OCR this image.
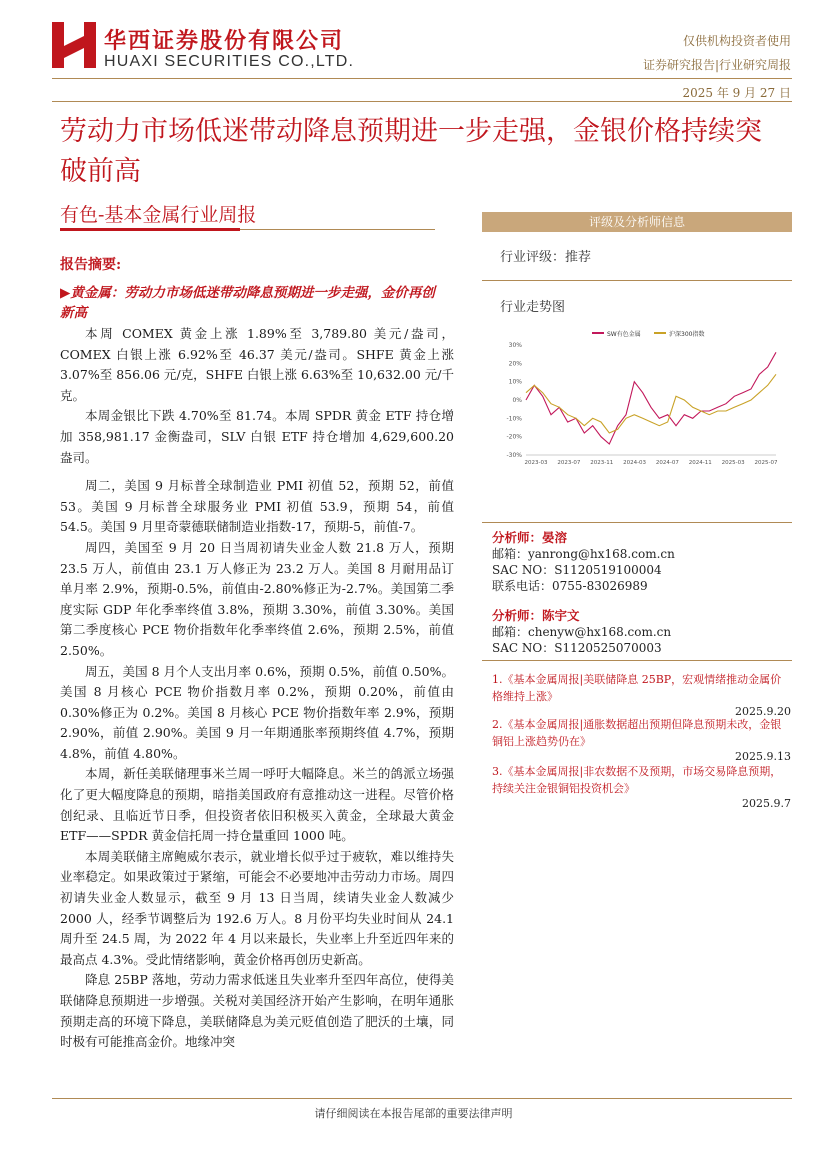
华西证券股份有限公司
HUAXI SECURITIES CO.,LTD.
仅供机构投资者使用
证券研究报告|行业研究周报
2025 年 9 月 27 日
劳动力市场低迷带动降息预期进一步走强，金银价格持续突破前高
有色-基本金属行业周报
报告摘要:
▶黄金属：劳动力市场低迷带动降息预期进一步走强，金价再创新高

本周 COMEX 黄金上涨 1.89%至 3,789.80 美元/盎司，COMEX 白银上涨 6.92%至 46.37 美元/盎司。SHFE 黄金上涨 3.07%至 856.06 元/克，SHFE 白银上涨 6.63%至 10,632.00 元/千克。

本周金银比下跌 4.70%至 81.74。本周 SPDR 黄金 ETF 持仓增加 358,981.17 金衡盎司，SLV 白银 ETF 持仓增加 4,629,600.20 盎司。

周二，美国 9 月标普全球制造业 PMI 初值 52，预期 52，前值 53。美国 9 月标普全球服务业 PMI 初值 53.9，预期 54，前值 54.5。美国 9 月里奇蒙德联储制造业指数-17，预期-5，前值-7。

周四，美国至 9 月 20 日当周初请失业金人数 21.8 万人，预期 23.5 万人，前值由 23.1 万人修正为 23.2 万人。美国 8 月耐用品订单月率 2.9%，预期-0.5%，前值由-2.80%修正为-2.7%。美国第二季度实际 GDP 年化季率终值 3.8%，预期 3.30%，前值 3.30%。美国第二季度核心 PCE 物价指数年化季率终值 2.6%，预期 2.5%，前值 2.50%。

周五，美国 8 月个人支出月率 0.6%，预期 0.5%，前值 0.50%。美国 8 月核心 PCE 物价指数月率 0.2%，预期 0.20%，前值由 0.30%修正为 0.2%。美国 8 月核心 PCE 物价指数年率 2.9%，预期 2.90%，前值 2.90%。美国 9 月一年期通胀率预期终值 4.7%，预期 4.8%，前值 4.80%。

本周，新任美联储理事米兰周一呼吁大幅降息。米兰的鸽派立场强化了更大幅度降息的预期，暗指美国政府有意推动这一进程。尽管价格创纪录、且临近节日季，但投资者依旧积极买入黄金，全球最大黄金 ETF——SPDR 黄金信托周一持仓量重回 1000 吨。

本周美联储主席鲍威尔表示，就业增长似乎过于疲软，难以维持失业率稳定。如果政策过于紧缩，可能会不必要地冲击劳动力市场。周四初请失业金人数显示，截至 9 月 13 日当周，续请失业金人数减少 2000 人，经季节调整后为 192.6 万人。8 月份平均失业时间从 24.1 周升至 24.5 周，为 2022 年 4 月以来最长，失业率上升至近四年来的最高点 4.3%。受此情绪影响，黄金价格再创历史新高。

降息 25BP 落地，劳动力需求低迷且失业率升至四年高位，使得美联储降息预期进一步增强。关税对美国经济开始产生影响，在明年通胀预期走高的环境下降息，美联储降息为美元贬值创造了肥沃的土壤，同时极有可能推高金价。地缘冲突

评级及分析师信息
行业评级：推荐
行业走势图
SW有色金属	沪深300指数
30%
20%
10%
0%
-10%
-20%
-30%
2023-03 2023-07 2023-11 2024-03 2024-07 2024-11 2025-03 2025-07
分析师：晏溶
邮箱：yanrong@hx168.com.cn
SAC NO：S1120519100004
联系电话：0755-83026989
分析师：陈宇文
邮箱：chenyw@hx168.com.cn
SAC NO：S1120525070003
1.《基本金属周报|美联储降息 25BP，宏观情绪推动金属价格维持上涨》
2025.9.20
2.《基本金属周报|通胀数据超出预期但降息预期未改，金银铜铝上涨趋势仍在》
2025.9.13
3.《基本金属周报|非农数据不及预期，市场交易降息预期，持续关注金银铜铝投资机会》
2025.9.7
请仔细阅读在本报告尾部的重要法律声明
